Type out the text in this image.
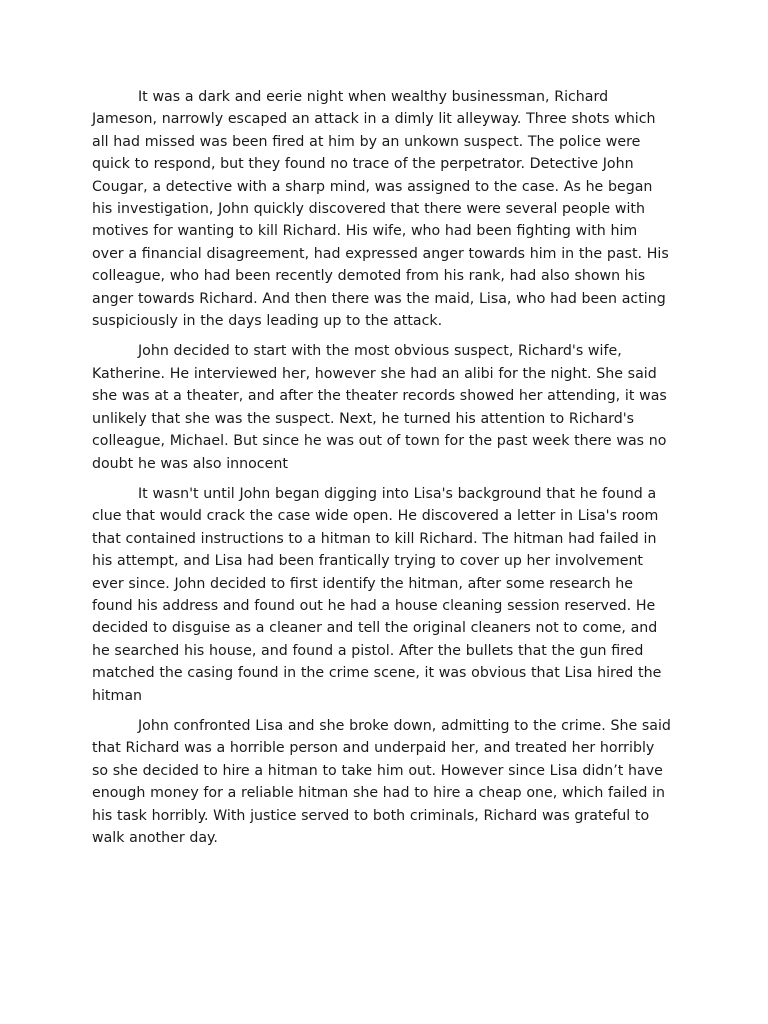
It was a dark and eerie night when wealthy businessman, Richard Jameson, narrowly escaped an attack in a dimly lit alleyway. Three shots which all had missed was been fired at him by an unkown suspect. The police were quick to respond, but they found no trace of the perpetrator. Detective John Cougar, a detective with a sharp mind, was assigned to the case. As he began his investigation, John quickly discovered that there were several people with motives for wanting to kill Richard. His wife, who had been fighting with him over a financial disagreement, had expressed anger towards him in the past. His colleague, who had been recently demoted from his rank, had also shown his anger towards Richard. And then there was the maid, Lisa, who had been acting suspiciously in the days leading up to the attack.

John decided to start with the most obvious suspect, Richard's wife, Katherine. He interviewed her, however she had an alibi for the night. She said she was at a theater, and after the theater records showed her attending, it was unlikely that she was the suspect. Next, he turned his attention to Richard's colleague, Michael. But since he was out of town for the past week there was no doubt he was also innocent

It wasn't until John began digging into Lisa's background that he found a clue that would crack the case wide open. He discovered a letter in Lisa's room that contained instructions to a hitman to kill Richard. The hitman had failed in his attempt, and Lisa had been frantically trying to cover up her involvement ever since. John decided to first identify the hitman, after some research he found his address and found out he had a house cleaning session reserved. He decided to disguise as a cleaner and tell the original cleaners not to come, and he searched his house, and found a pistol. After the bullets that the gun fired matched the casing found in the crime scene, it was obvious that Lisa hired the hitman

John confronted Lisa and she broke down, admitting to the crime. She said that Richard was a horrible person and underpaid her, and treated her horribly so she decided to hire a hitman to take him out. However since Lisa didn’t have enough money for a reliable hitman she had to hire a cheap one, which failed in his task horribly. With justice served to both criminals, Richard was grateful to walk another day.
